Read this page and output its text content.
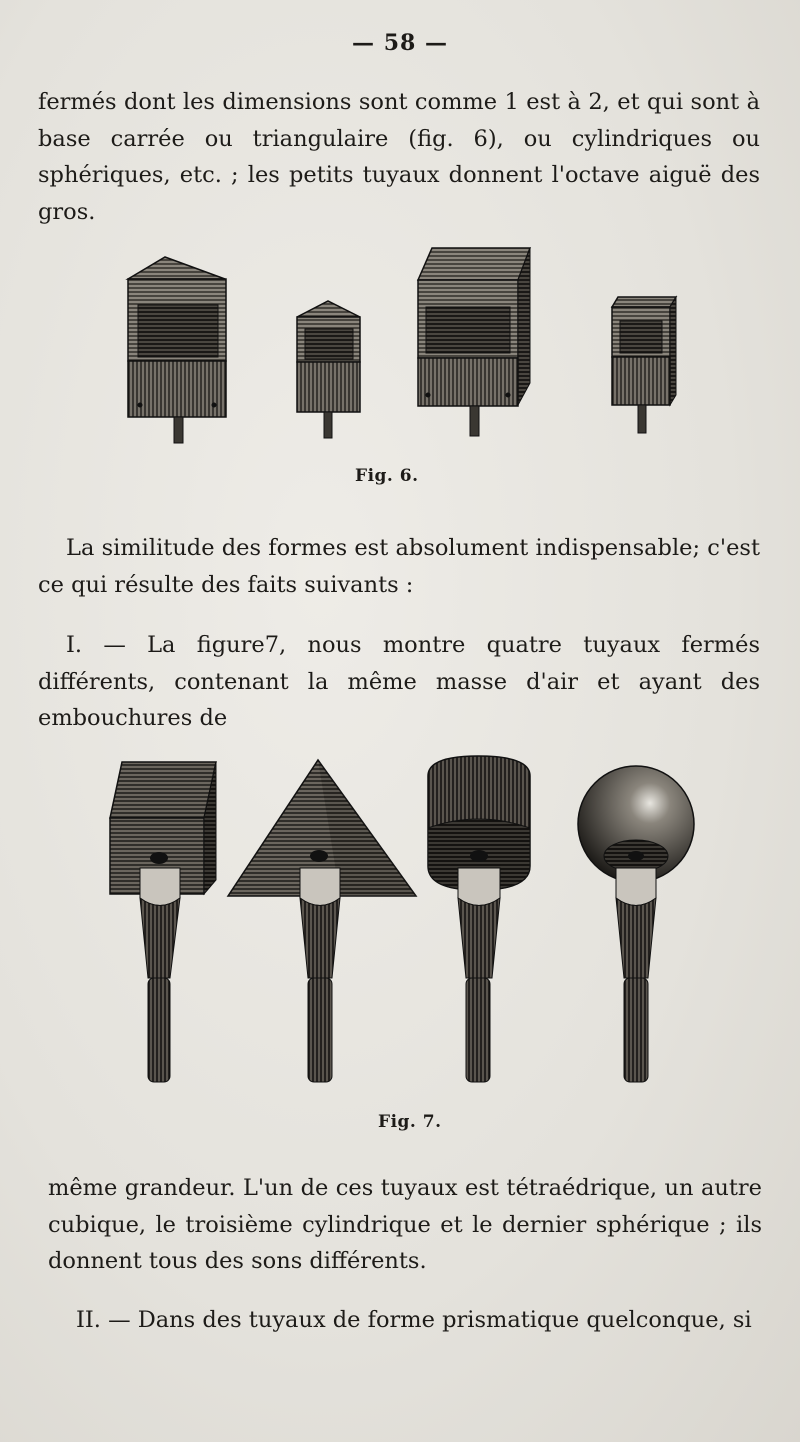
— 58 —

fermés dont les dimensions sont comme 1 est à 2, et qui sont à base carrée ou triangulaire (fig. 6), ou cylindriques ou sphériques, etc. ; les petits tuyaux donnent l'octave aiguë des gros.

Fig. 6.

La similitude des formes est absolument indispensable; c'est ce qui résulte des faits suivants :

I. — La figure7, nous montre quatre tuyaux fermés différents, contenant la même masse d'air et ayant des embouchures de

Fig. 7.

même grandeur. L'un de ces tuyaux est tétraédrique, un autre cubique, le troisième cylindrique et le dernier sphérique ; ils donnent tous des sons différents.

II. — Dans des tuyaux de forme prismatique quelconque, si
